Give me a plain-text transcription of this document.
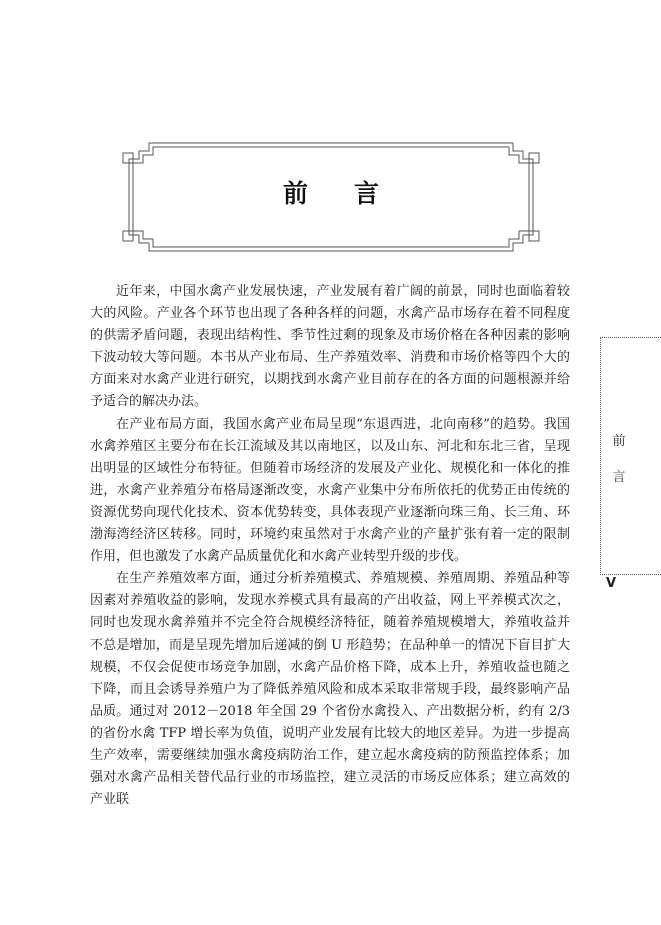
前言

近年来，中国水禽产业发展快速，产业发展有着广阔的前景，同时也面临着较大的风险。产业各个环节也出现了各种各样的问题，水禽产品市场存在着不同程度的供需矛盾问题，表现出结构性、季节性过剩的现象及市场价格在各种因素的影响下波动较大等问题。本书从产业布局、生产养殖效率、消费和市场价格等四个大的方面来对水禽产业进行研究，以期找到水禽产业目前存在的各方面的问题根源并给予适合的解决办法。

在产业布局方面，我国水禽产业布局呈现“东退西进，北向南移”的趋势。我国水禽养殖区主要分布在长江流域及其以南地区，以及山东、河北和东北三省，呈现出明显的区域性分布特征。但随着市场经济的发展及产业化、规模化和一体化的推进，水禽产业养殖分布格局逐渐改变，水禽产业集中分布所依托的优势正由传统的资源优势向现代化技术、资本优势转变，具体表现产业逐渐向珠三角、长三角、环渤海湾经济区转移。同时，环境约束虽然对于水禽产业的产量扩张有着一定的限制作用，但也激发了水禽产品质量优化和水禽产业转型升级的步伐。

在生产养殖效率方面，通过分析养殖模式、养殖规模、养殖周期、养殖品种等因素对养殖收益的影响，发现水养模式具有最高的产出收益，网上平养模式次之，同时也发现水禽养殖并不完全符合规模经济特征，随着养殖规模增大，养殖收益并不总是增加，而是呈现先增加后递减的倒 U 形趋势；在品种单一的情况下盲目扩大规模，不仅会促使市场竞争加剧，水禽产品价格下降，成本上升，养殖收益也随之下降，而且会诱导养殖户为了降低养殖风险和成本采取非常规手段，最终影响产品品质。通过对 2012－2018 年全国 29 个省份水禽投入、产出数据分析，约有 2/3 的省份水禽 TFP 增长率为负值，说明产业发展有比较大的地区差异。为进一步提高生产效率，需要继续加强水禽疫病防治工作，建立起水禽疫病的防预监控体系；加强对水禽产品相关替代品行业的市场监控，建立灵活的市场反应体系；建立高效的产业联

前
言
V
